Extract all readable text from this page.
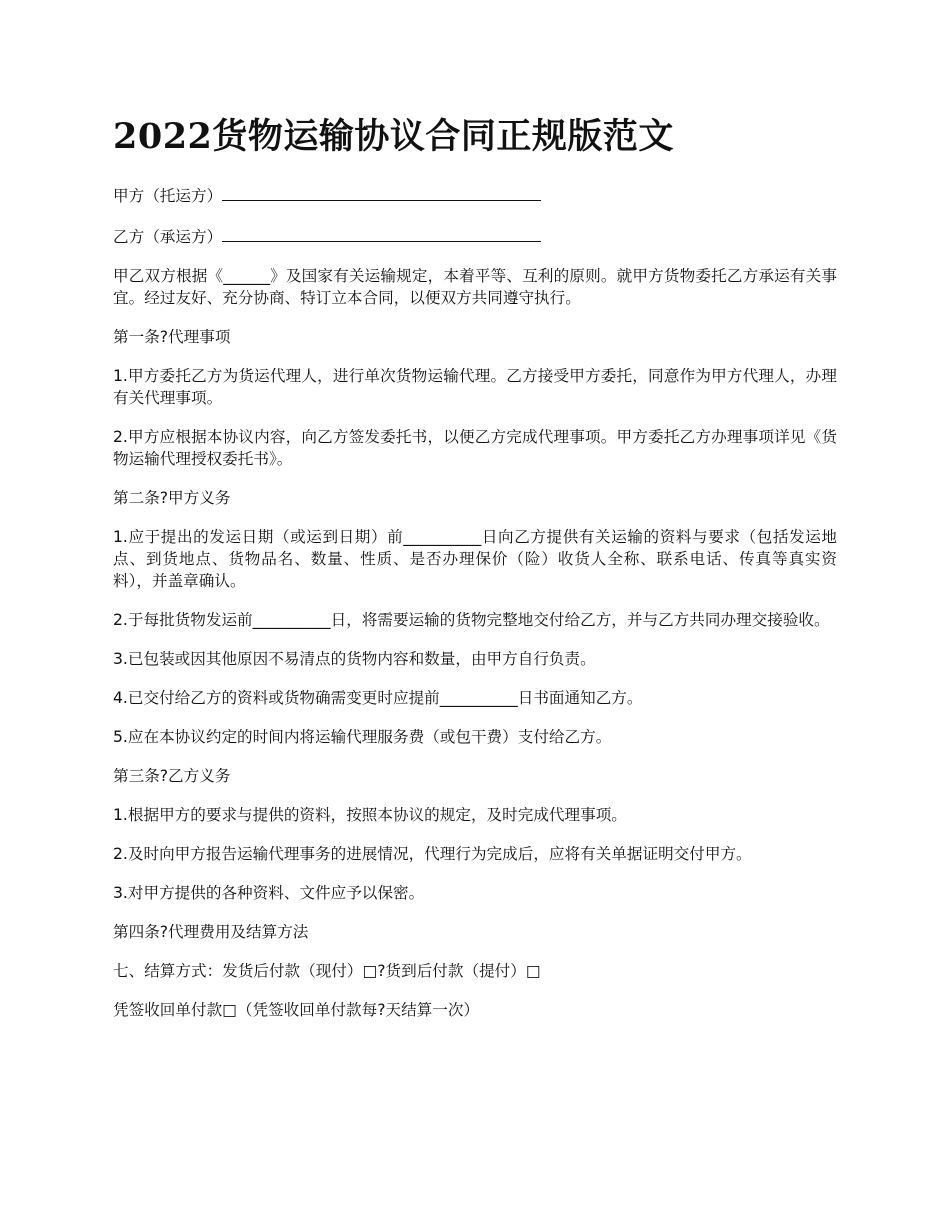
2022货物运输协议合同正规版范文

甲方（托运方）

乙方（承运方）

甲乙双方根据《______》及国家有关运输规定，本着平等、互利的原则。就甲方货物委托乙方承运有关事宜。经过友好、充分协商、特订立本合同，以便双方共同遵守执行。

第一条?代理事项

1.甲方委托乙方为货运代理人，进行单次货物运输代理。乙方接受甲方委托，同意作为甲方代理人，办理有关代理事项。

2.甲方应根据本协议内容，向乙方签发委托书，以便乙方完成代理事项。甲方委托乙方办理事项详见《货物运输代理授权委托书》。

第二条?甲方义务

1.应于提出的发运日期（或运到日期）前__________日向乙方提供有关运输的资料与要求（包括发运地点、到货地点、货物品名、数量、性质、是否办理保价（险）收货人全称、联系电话、传真等真实资料），并盖章确认。

2.于每批货物发运前__________日，将需要运输的货物完整地交付给乙方，并与乙方共同办理交接验收。

3.已包装或因其他原因不易清点的货物内容和数量，由甲方自行负责。

4.已交付给乙方的资料或货物确需变更时应提前__________日书面通知乙方。

5.应在本协议约定的时间内将运输代理服务费（或包干费）支付给乙方。

第三条?乙方义务

1.根据甲方的要求与提供的资料，按照本协议的规定，及时完成代理事项。

2.及时向甲方报告运输代理事务的进展情况，代理行为完成后，应将有关单据证明交付甲方。

3.对甲方提供的各种资料、文件应予以保密。

第四条?代理费用及结算方法

七、结算方式：发货后付款（现付）□?货到后付款（提付）□

凭签收回单付款□（凭签收回单付款每?天结算一次）
